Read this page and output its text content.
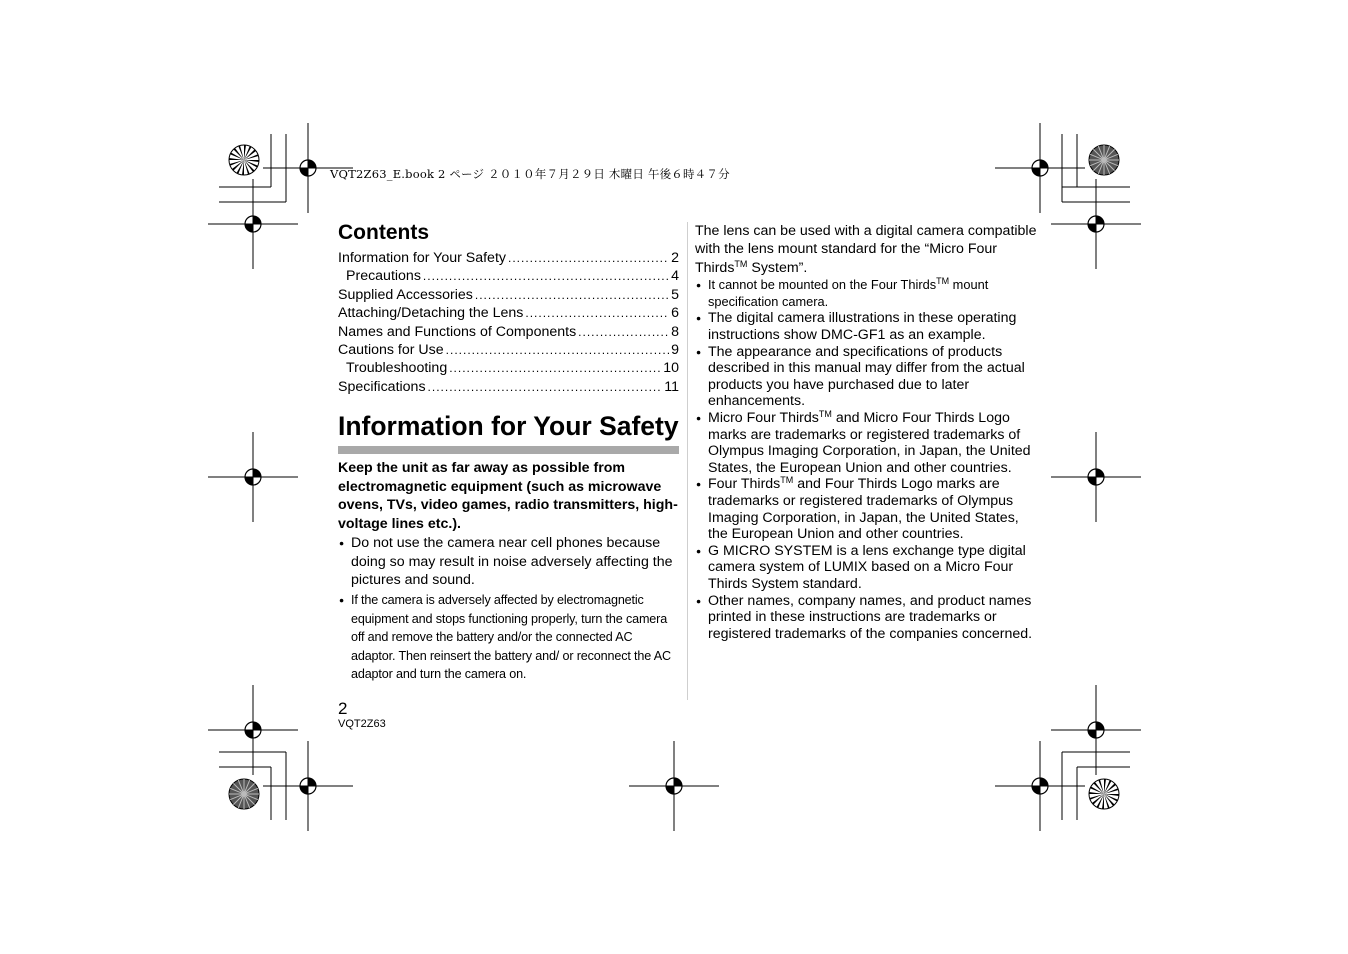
VQT2Z63_E.book 2 ページ ２０１０年７月２９日 木曜日 午後６時４７分
Contents
Information for Your Safety .....	2
Precautions .....	4
Supplied Accessories .....	5
Attaching/Detaching the Lens .....	6
Names and Functions of Components .....	8
Cautions for Use .....	9
Troubleshooting .....	10
Specifications .....	11
Information for Your Safety
Keep the unit as far away as possible from electromagnetic equipment (such as microwave ovens, TVs, video games, radio transmitters, high-voltage lines etc.).
● Do not use the camera near cell phones because doing so may result in noise adversely affecting the pictures and sound.
● If the camera is adversely affected by electromagnetic equipment and stops functioning properly, turn the camera off and remove the battery and/or the connected AC adaptor. Then reinsert the battery and/ or reconnect the AC adaptor and turn the camera on.
The lens can be used with a digital camera compatible with the lens mount standard for the “Micro Four Thirds™ System”.
● It cannot be mounted on the Four Thirds™ mount specification camera.
● The digital camera illustrations in these operating instructions show DMC-GF1 as an example.
● The appearance and specifications of products described in this manual may differ from the actual products you have purchased due to later enhancements.
● Micro Four Thirds™ and Micro Four Thirds Logo marks are trademarks or registered trademarks of Olympus Imaging Corporation, in Japan, the United States, the European Union and other countries.
● Four Thirds™ and Four Thirds Logo marks are trademarks or registered trademarks of Olympus Imaging Corporation, in Japan, the United States, the European Union and other countries.
● G MICRO SYSTEM is a lens exchange type digital camera system of LUMIX based on a Micro Four Thirds System standard.
● Other names, company names, and product names printed in these instructions are trademarks or registered trademarks of the companies concerned.
2
VQT2Z63
